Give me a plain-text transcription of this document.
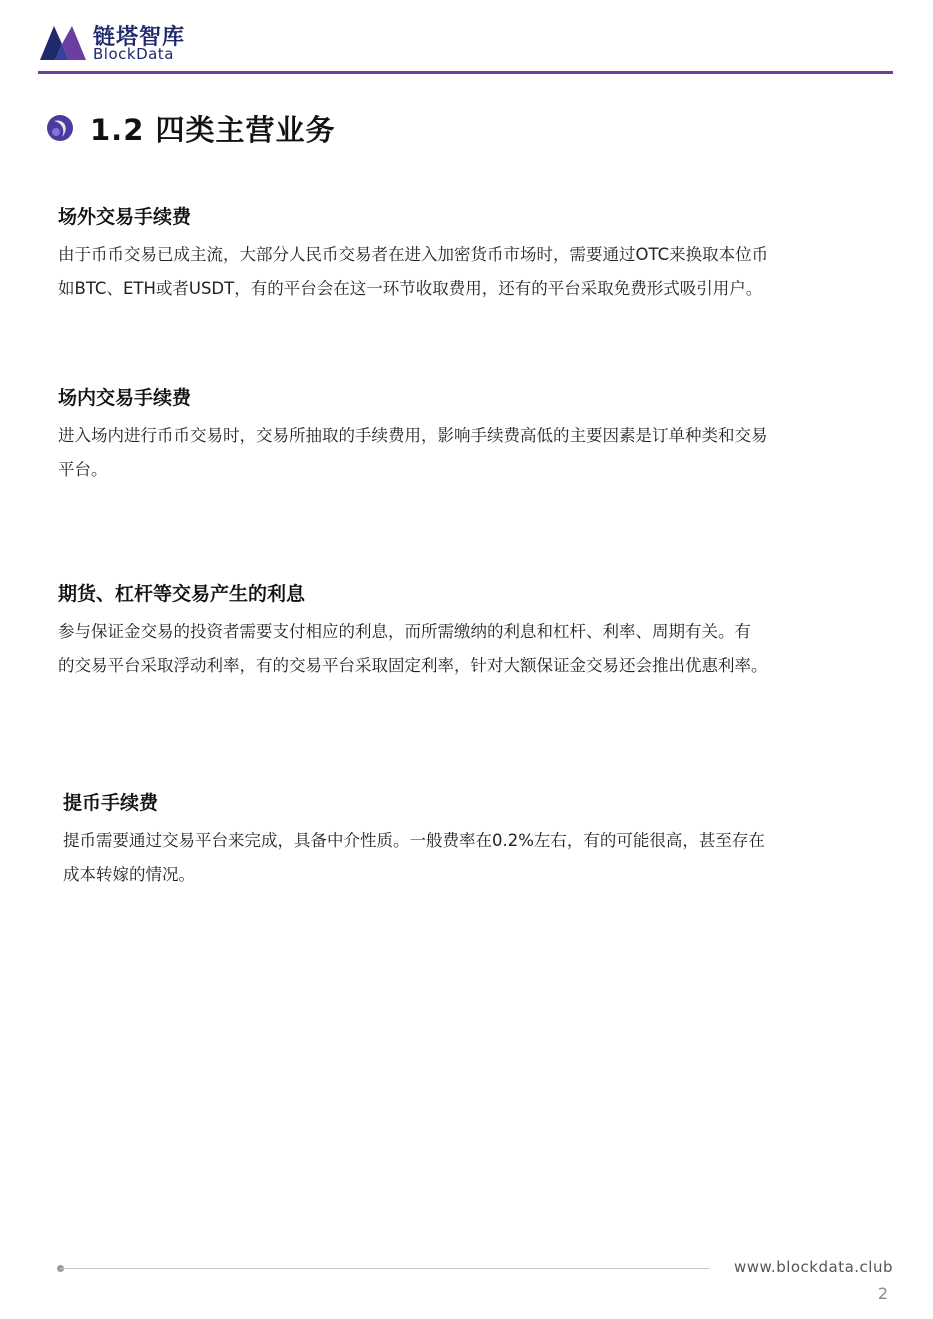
链塔智库
BlockData
1.2 四类主营业务
场外交易手续费

由于币币交易已成主流，大部分人民币交易者在进入加密货币市场时，需要通过OTC来换取本位币

如BTC、ETH或者USDT，有的平台会在这一环节收取费用，还有的平台采取免费形式吸引用户。

场内交易手续费

进入场内进行币币交易时，交易所抽取的手续费用，影响手续费高低的主要因素是订单种类和交易

平台。

期货、杠杆等交易产生的利息

参与保证金交易的投资者需要支付相应的利息，而所需缴纳的利息和杠杆、利率、周期有关。有

的交易平台采取浮动利率，有的交易平台采取固定利率，针对大额保证金交易还会推出优惠利率。

提币手续费

提币需要通过交易平台来完成，具备中介性质。一般费率在0.2%左右，有的可能很高，甚至存在

成本转嫁的情况。

www.blockdata.club
2
